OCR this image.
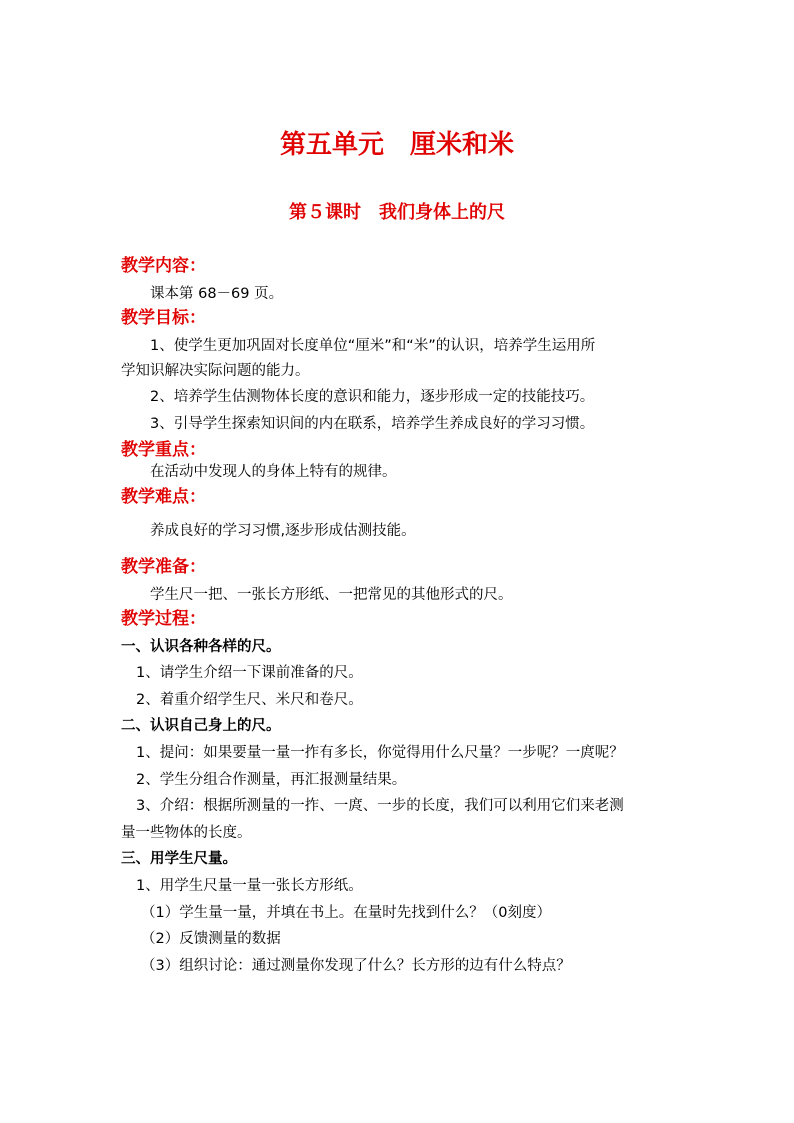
第五单元　厘米和米
第５课时　我们身体上的尺
教学内容：
课本第 68－69 页。
教学目标：
1、使学生更加巩固对长度单位“厘米”和“米”的认识，培养学生运用所
学知识解决实际问题的能力。
2、培养学生估测物体长度的意识和能力，逐步形成一定的技能技巧。
3、引导学生探索知识间的内在联系，培养学生养成良好的学习习惯。
教学重点：
在活动中发现人的身体上特有的规律。
教学难点：
养成良好的学习习惯,逐步形成估测技能。
教学准备：
学生尺一把、一张长方形纸、一把常见的其他形式的尺。
教学过程：
一、认识各种各样的尺。
1、请学生介绍一下课前准备的尺。
2、着重介绍学生尺、米尺和卷尺。
二、认识自己身上的尺。
1、提问：如果要量一量一拃有多长，你觉得用什么尺量？一步呢？一庹呢？
2、学生分组合作测量，再汇报测量结果。
3、介绍：根据所测量的一拃、一庹、一步的长度，我们可以利用它们来老测
量一些物体的长度。
三、用学生尺量。
1、用学生尺量一量一张长方形纸。
（1）学生量一量，并填在书上。在量时先找到什么？（0刻度）
（2）反馈测量的数据
（3）组织讨论：通过测量你发现了什么？长方形的边有什么特点？
